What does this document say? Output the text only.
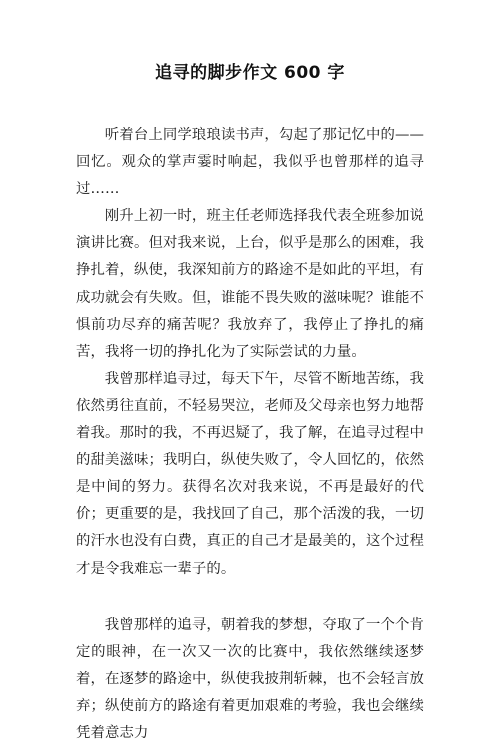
追寻的脚步作文 600 字

听着台上同学琅琅读书声，勾起了那记忆中的——回忆。观众的掌声霎时响起，我似乎也曾那样的追寻过……

刚升上初一时，班主任老师选择我代表全班参加说演讲比赛。但对我来说，上台，似乎是那么的困难，我挣扎着，纵使，我深知前方的路途不是如此的平坦，有成功就会有失败。但，谁能不畏失败的滋味呢？谁能不惧前功尽弃的痛苦呢？我放弃了，我停止了挣扎的痛苦，我将一切的挣扎化为了实际尝试的力量。

我曾那样追寻过，每天下午，尽管不断地苦练，我依然勇往直前，不轻易哭泣，老师及父母亲也努力地帮着我。那时的我，不再迟疑了，我了解，在追寻过程中的甜美滋味；我明白，纵使失败了，令人回忆的，依然是中间的努力。获得名次对我来说，不再是最好的代价；更重要的是，我找回了自己，那个活泼的我，一切的汗水也没有白费，真正的自己才是最美的，这个过程才是令我难忘一辈子的。

我曾那样的追寻，朝着我的梦想，夺取了一个个肯定的眼神，在一次又一次的比赛中，我依然继续逐梦着，在逐梦的路途中，纵使我披荆斩棘，也不会轻言放弃；纵使前方的路途有着更加艰难的考验，我也会继续凭着意志力
